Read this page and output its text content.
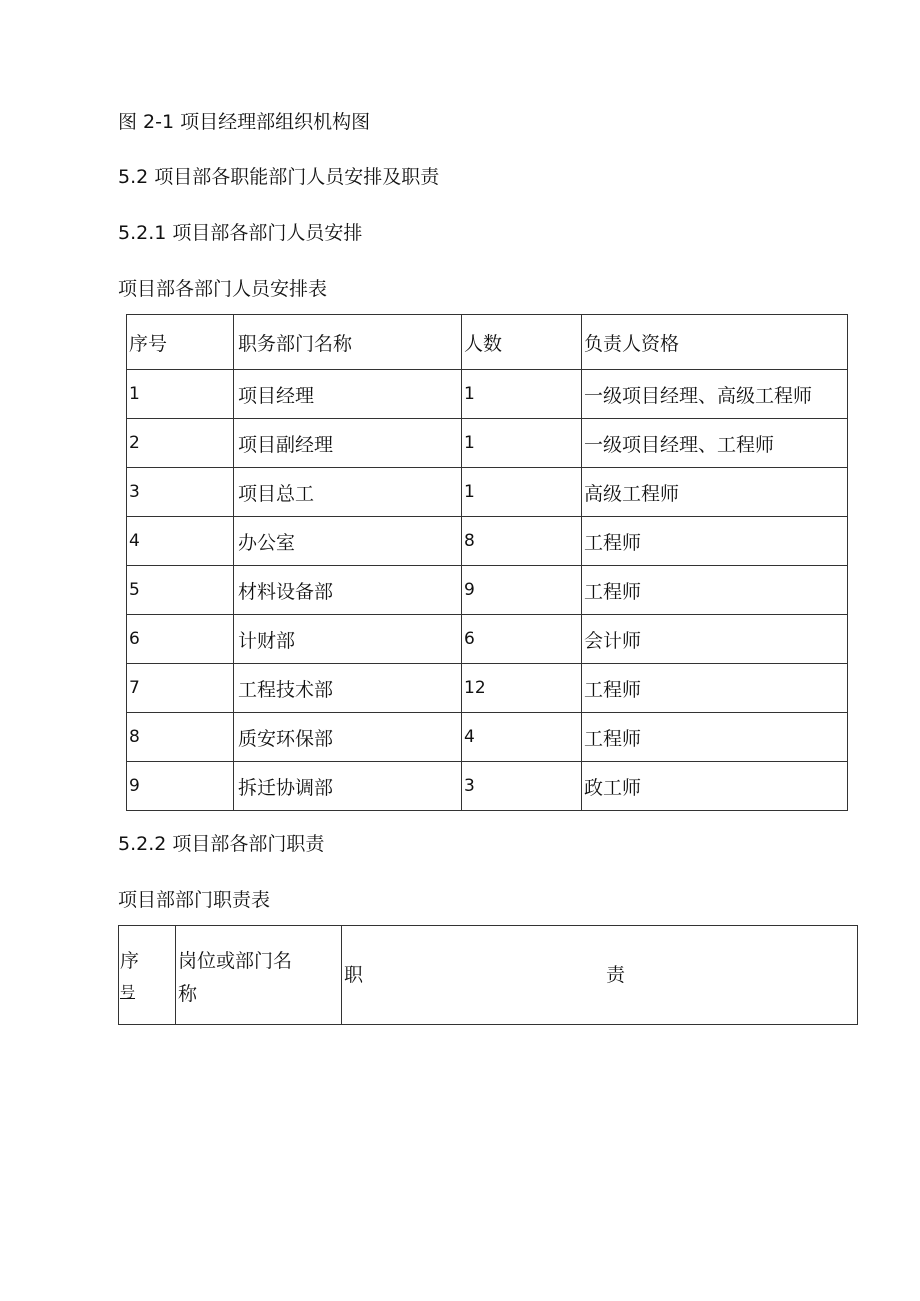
图 2-1 项目经理部组织机构图
5.2 项目部各职能部门人员安排及职责
5.2.1 项目部各部门人员安排
项目部各部门人员安排表
序号	职务部门名称	人数	负责人资格
1	项目经理	1	一级项目经理、高级工程师
2	项目副经理	1	一级项目经理、工程师
3	项目总工	1	高级工程师
4	办公室	8	工程师
5	材料设备部	9	工程师
6	计财部	6	会计师
7	工程技术部	12	工程师
8	质安环保部	4	工程师
9	拆迁协调部	3	政工师
5.2.2 项目部各部门职责
项目部部门职责表
序
号

岗位或部门名
称

职	责
